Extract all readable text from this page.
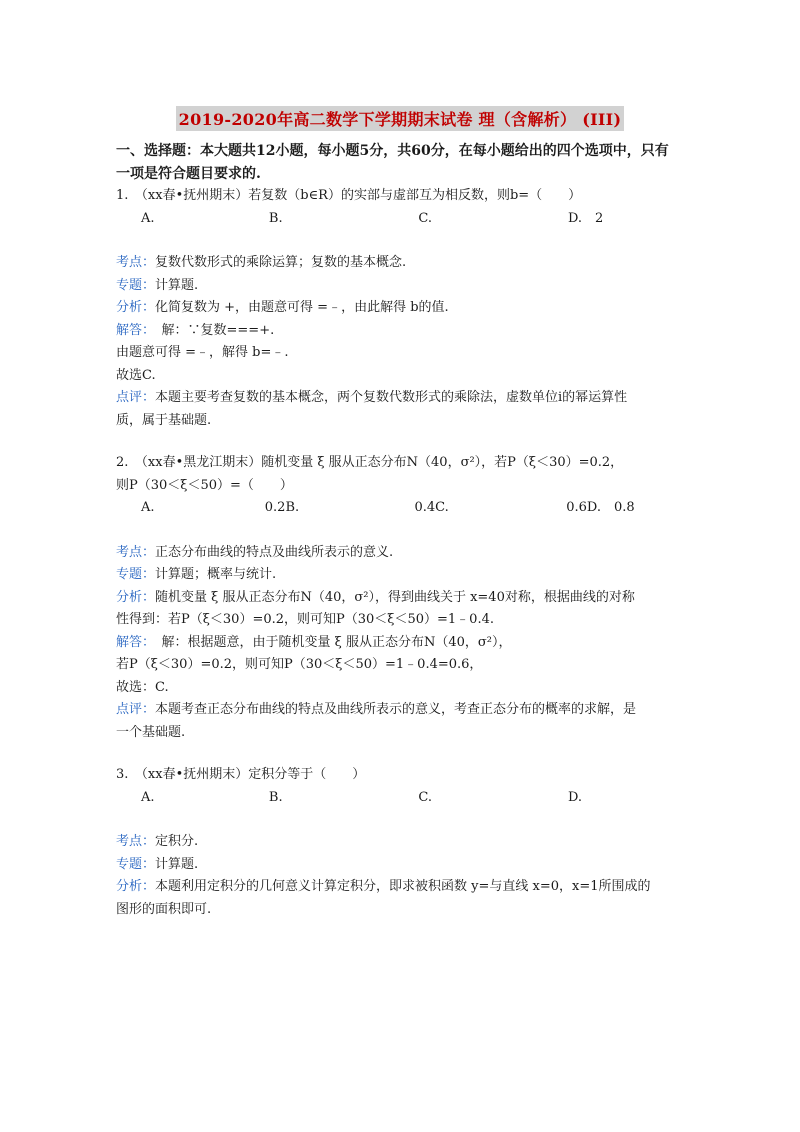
2019-2020年高二数学下学期期末试卷 理（含解析） (III)
一、选择题：本大题共12小题，每小题5分，共60分，在每小题给出的四个选项中，只有
一项是符合题目要求的.
1.　（xx春•抚州期末）若复数（b∈R）的实部与虚部互为相反数，则b=（　　）
A.	B.	C.	D.　2
考点：复数代数形式的乘除运算；复数的基本概念.
专题：计算题.
分析：化简复数为 +，由题意可得 =﹣，由此解得 b的值.
解答：　解：∵复数===+.
由题意可得 =﹣，解得 b=﹣.
故选C.
点评：本题主要考查复数的基本概念，两个复数代数形式的乘除法，虚数单位i的幂运算性
质，属于基础题.
2.　（xx春•黑龙江期末）随机变量 ξ 服从正态分布N（40，σ²），若P（ξ＜30）=0.2，
则P（30＜ξ＜50）=（　　）
A.	0.2B.	0.4C.	0.6D.　0.8
考点：正态分布曲线的特点及曲线所表示的意义.
专题：计算题；概率与统计.
分析：随机变量 ξ 服从正态分布N（40，σ²），得到曲线关于 x=40对称，根据曲线的对称
性得到：若P（ξ＜30）=0.2，则可知P（30＜ξ＜50）=1﹣0.4.
解答：　解：根据题意，由于随机变量 ξ 服从正态分布N（40，σ²），
若P（ξ＜30）=0.2，则可知P（30＜ξ＜50）=1﹣0.4=0.6，
故选：C.
点评：本题考查正态分布曲线的特点及曲线所表示的意义，考查正态分布的概率的求解，是
一个基础题.
3.　（xx春•抚州期末）定积分等于（　　）
A.	B.	C.	D.
考点：定积分.
专题：计算题.
分析：本题利用定积分的几何意义计算定积分，即求被积函数 y=与直线 x=0，x=1所围成的
图形的面积即可.
